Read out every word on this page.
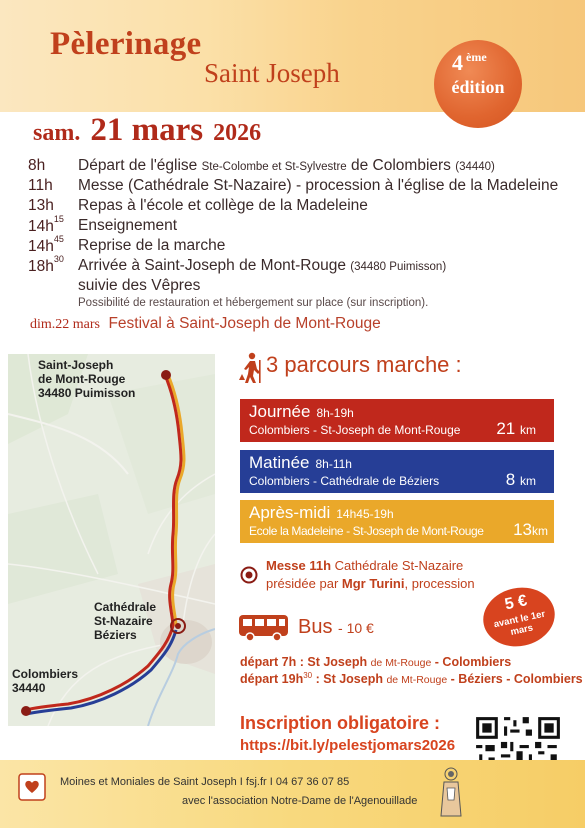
Pèlerinage
Saint Joseph	4 ème
édition
sam. 21 mars 2026
8h	Départ de l'église Ste-Colombe et St-Sylvestre de Colombiers (34440)
11h	Messe (Cathédrale St-Nazaire) - procession à l'église de la Madeleine
13h	Repas à l'école et collège de la Madeleine
$14h^{15}$ Enseignement
$14h^{45}$ Reprise de la marche
$18h^{30}$ Arrivée à Saint-Joseph de Mont-Rouge (34480 Puimisson)
suivie des Vêpres
Possibilité de restauration et hébergement sur place (sur inscription).
dim.22 mars Festival à Saint-Joseph de Mont-Rouge
Saint-Joseph
de Mont-Rouge
34480 Puimisson
Cathédrale
St-Nazaire
Béziers
Colombiers
34440
3 parcours marche :
Journée 8h-19h
Colombiers - St-Joseph de Mont-Rouge 21 km
Matinée 8h-11h
Colombiers - Cathédrale de Béziers	8 km
Après-midi 14h45-19h
Ecole la Madeleine - St-Joseph de Mont-Rouge 13km
Messe 11h Cathédrale St-Nazaire
présidée par Mgr Turini, procession
5 €
avant le 1er mars
Bus - 10 €
départ 7h : St Joseph de Mt-Rouge - Colombiers
départ $19h^{30}$ : St Joseph de Mt-Rouge - Béziers - Colombiers
Inscription obligatoire :
https://bit.ly/pelestjomars2026
Moines et Moniales de Saint Joseph I fsj.fr I 04 67 36 07 85
avec l'association Notre-Dame de l'Agenouillade
